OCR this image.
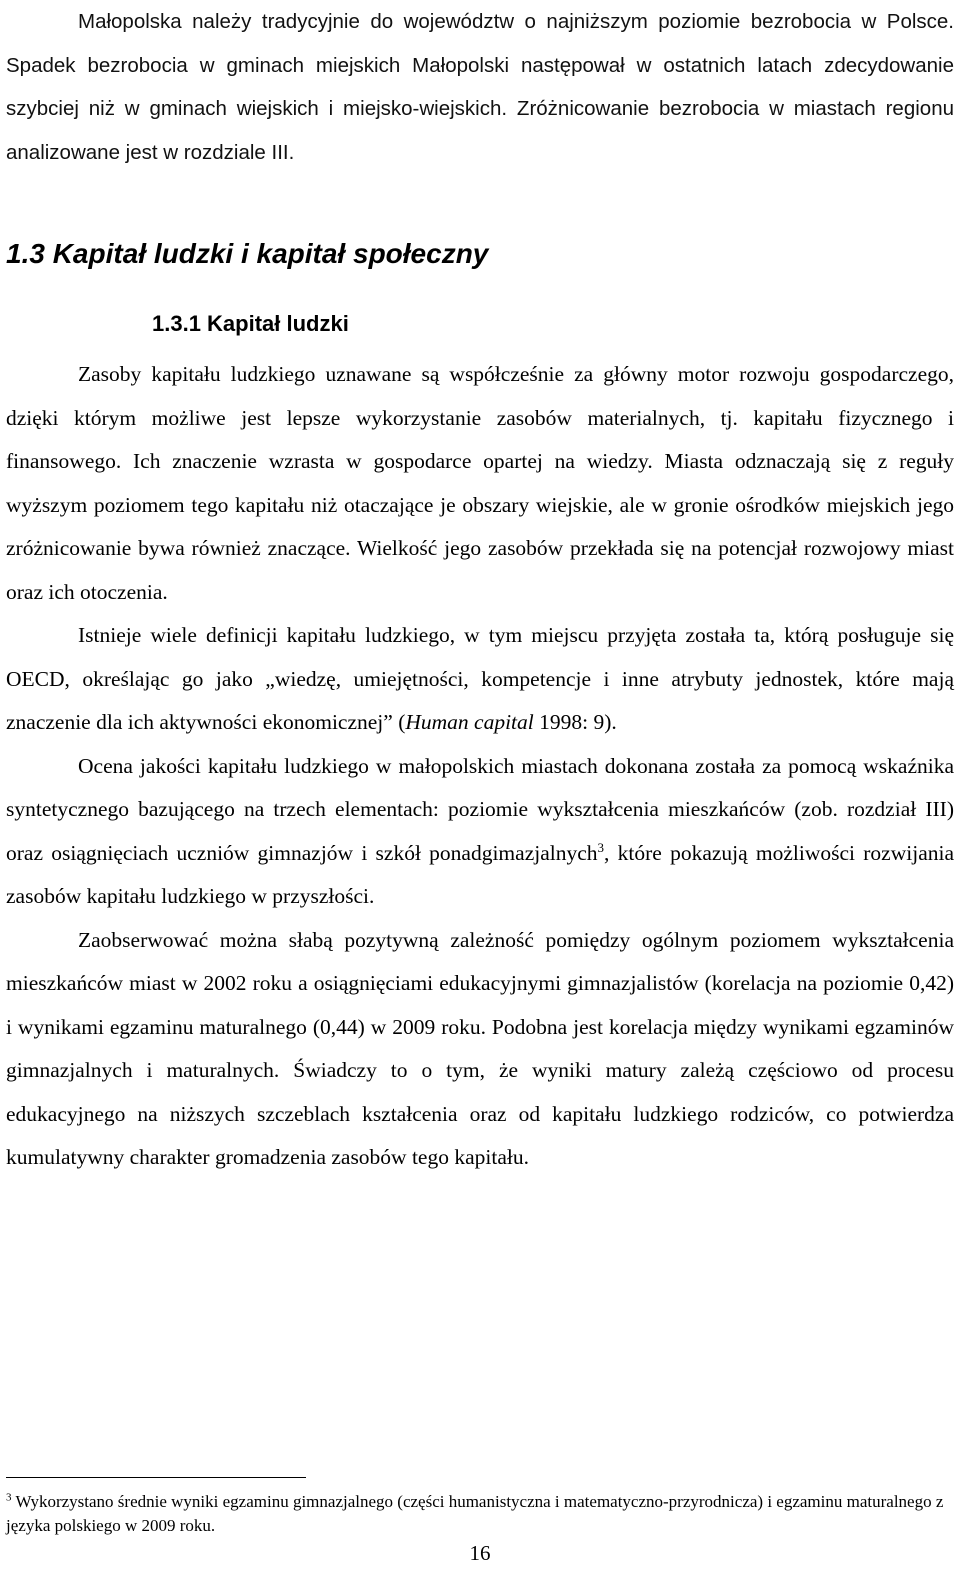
Małopolska należy tradycyjnie do województw o najniższym poziomie bezrobocia w Polsce. Spadek bezrobocia w gminach miejskich Małopolski następował w ostatnich latach zdecydowanie szybciej niż w gminach wiejskich i miejsko-wiejskich. Zróżnicowanie bezrobocia w miastach regionu analizowane jest w rozdziale III.

1.3 Kapitał ludzki i kapitał społeczny
1.3.1 Kapitał ludzki

Zasoby kapitału ludzkiego uznawane są współcześnie za główny motor rozwoju gospodarczego, dzięki którym możliwe jest lepsze wykorzystanie zasobów materialnych, tj. kapitału fizycznego i finansowego. Ich znaczenie wzrasta w gospodarce opartej na wiedzy. Miasta odznaczają się z reguły wyższym poziomem tego kapitału niż otaczające je obszary wiejskie, ale w gronie ośrodków miejskich jego zróżnicowanie bywa również znaczące. Wielkość jego zasobów przekłada się na potencjał rozwojowy miast oraz ich otoczenia.

Istnieje wiele definicji kapitału ludzkiego, w tym miejscu przyjęta została ta, którą posługuje się OECD, określając go jako „wiedzę, umiejętności, kompetencje i inne atrybuty jednostek, które mają znaczenie dla ich aktywności ekonomicznej” (Human capital 1998: 9).

Ocena jakości kapitału ludzkiego w małopolskich miastach dokonana została za pomocą wskaźnika syntetycznego bazującego na trzech elementach: poziomie wykształcenia mieszkańców (zob. rozdział III) oraz osiągnięciach uczniów gimnazjów i szkół ponadgimazjalnych$^3$, które pokazują możliwości rozwijania zasobów kapitału ludzkiego w przyszłości.

Zaobserwować można słabą pozytywną zależność pomiędzy ogólnym poziomem wykształcenia mieszkańców miast w 2002 roku a osiągnięciami edukacyjnymi gimnazjalistów (korelacja na poziomie 0,42) i wynikami egzaminu maturalnego (0,44) w 2009 roku. Podobna jest korelacja między wynikami egzaminów gimnazjalnych i maturalnych. Świadczy to o tym, że wyniki matury zależą częściowo od procesu edukacyjnego na niższych szczeblach kształcenia oraz od kapitału ludzkiego rodziców, co potwierdza kumulatywny charakter gromadzenia zasobów tego kapitału.

$^3$ Wykorzystano średnie wyniki egzaminu gimnazjalnego (części humanistyczna i matematyczno-przyrodnicza) i egzaminu maturalnego z języka polskiego w 2009 roku.

16
